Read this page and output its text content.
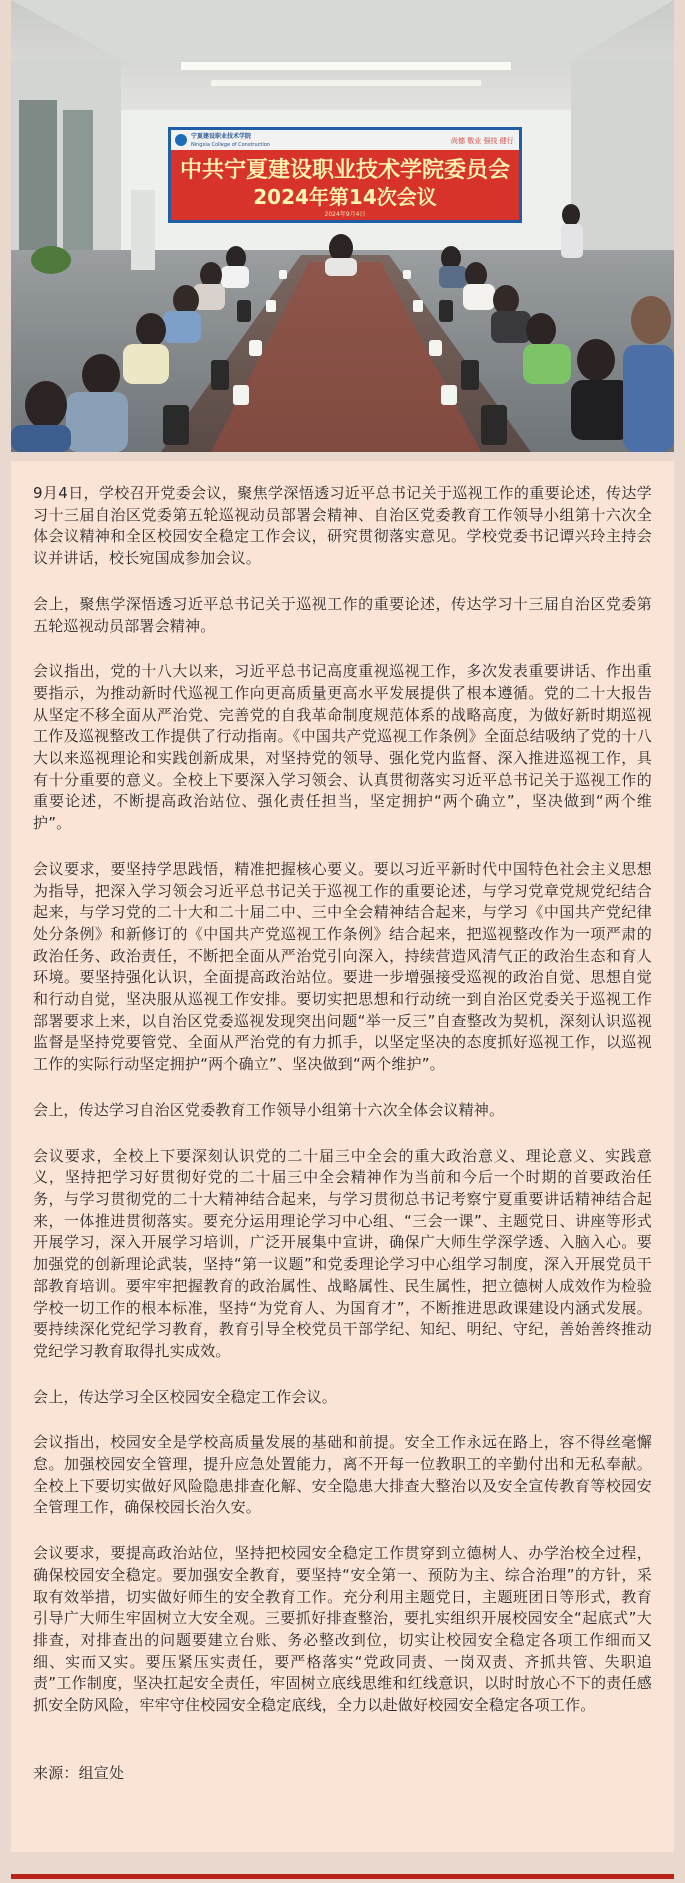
宁夏建设职业技术学院
Ningxia College of Construction	尚德 敬业 强技 健行
中共宁夏建设职业技术学院委员会
2024年第14次会议
2024年9月4日

9月4日，学校召开党委会议，聚焦学深悟透习近平总书记关于巡视工作的重要论述，传达学习十三届自治区党委第五轮巡视动员部署会精神、自治区党委教育工作领导小组第十六次全体会议精神和全区校园安全稳定工作会议，研究贯彻落实意见。学校党委书记谭兴玲主持会议并讲话，校长宛国成参加会议。

会上，聚焦学深悟透习近平总书记关于巡视工作的重要论述，传达学习十三届自治区党委第五轮巡视动员部署会精神。

会议指出，党的十八大以来，习近平总书记高度重视巡视工作，多次发表重要讲话、作出重要指示，为推动新时代巡视工作向更高质量更高水平发展提供了根本遵循。党的二十大报告从坚定不移全面从严治党、完善党的自我革命制度规范体系的战略高度，为做好新时期巡视工作及巡视整改工作提供了行动指南。《中国共产党巡视工作条例》全面总结吸纳了党的十八大以来巡视理论和实践创新成果，对坚持党的领导、强化党内监督、深入推进巡视工作，具有十分重要的意义。全校上下要深入学习领会、认真贯彻落实习近平总书记关于巡视工作的重要论述，不断提高政治站位、强化责任担当，坚定拥护“两个确立”，坚决做到“两个维护”。

会议要求，要坚持学思践悟，精准把握核心要义。要以习近平新时代中国特色社会主义思想为指导，把深入学习领会习近平总书记关于巡视工作的重要论述，与学习党章党规党纪结合起来，与学习党的二十大和二十届二中、三中全会精神结合起来，与学习《中国共产党纪律处分条例》和新修订的《中国共产党巡视工作条例》结合起来，把巡视整改作为一项严肃的政治任务、政治责任，不断把全面从严治党引向深入，持续营造风清气正的政治生态和育人环境。要坚持强化认识，全面提高政治站位。要进一步增强接受巡视的政治自觉、思想自觉和行动自觉，坚决服从巡视工作安排。要切实把思想和行动统一到自治区党委关于巡视工作部署要求上来，以自治区党委巡视发现突出问题“举一反三”自查整改为契机，深刻认识巡视监督是坚持党要管党、全面从严治党的有力抓手，以坚定坚决的态度抓好巡视工作，以巡视工作的实际行动坚定拥护“两个确立”、坚决做到“两个维护”。

会上，传达学习自治区党委教育工作领导小组第十六次全体会议精神。

会议要求，全校上下要深刻认识党的二十届三中全会的重大政治意义、理论意义、实践意义，坚持把学习好贯彻好党的二十届三中全会精神作为当前和今后一个时期的首要政治任务，与学习贯彻党的二十大精神结合起来，与学习贯彻总书记考察宁夏重要讲话精神结合起来，一体推进贯彻落实。要充分运用理论学习中心组、“三会一课”、主题党日、讲座等形式开展学习，深入开展学习培训，广泛开展集中宣讲，确保广大师生学深学透、入脑入心。要加强党的创新理论武装，坚持“第一议题”和党委理论学习中心组学习制度，深入开展党员干部教育培训。要牢牢把握教育的政治属性、战略属性、民生属性，把立德树人成效作为检验学校一切工作的根本标准，坚持“为党育人、为国育才”，不断推进思政课建设内涵式发展。要持续深化党纪学习教育，教育引导全校党员干部学纪、知纪、明纪、守纪，善始善终推动党纪学习教育取得扎实成效。

会上，传达学习全区校园安全稳定工作会议。

会议指出，校园安全是学校高质量发展的基础和前提。安全工作永远在路上，容不得丝毫懈怠。加强校园安全管理，提升应急处置能力，离不开每一位教职工的辛勤付出和无私奉献。全校上下要切实做好风险隐患排查化解、安全隐患大排查大整治以及安全宣传教育等校园安全管理工作，确保校园长治久安。

会议要求，要提高政治站位，坚持把校园安全稳定工作贯穿到立德树人、办学治校全过程，确保校园安全稳定。要加强安全教育，要坚持“安全第一、预防为主、综合治理”的方针，采取有效举措，切实做好师生的安全教育工作。充分利用主题党日，主题班团日等形式，教育引导广大师生牢固树立大安全观。三要抓好排查整治，要扎实组织开展校园安全“起底式”大排查，对排查出的问题要建立台账、务必整改到位，切实让校园安全稳定各项工作细而又细、实而又实。要压紧压实责任，要严格落实“党政同责、一岗双责、齐抓共管、失职追责”工作制度，坚决扛起安全责任，牢固树立底线思维和红线意识，以时时放心不下的责任感抓安全防风险，牢牢守住校园安全稳定底线，全力以赴做好校园安全稳定各项工作。

来源：组宣处
